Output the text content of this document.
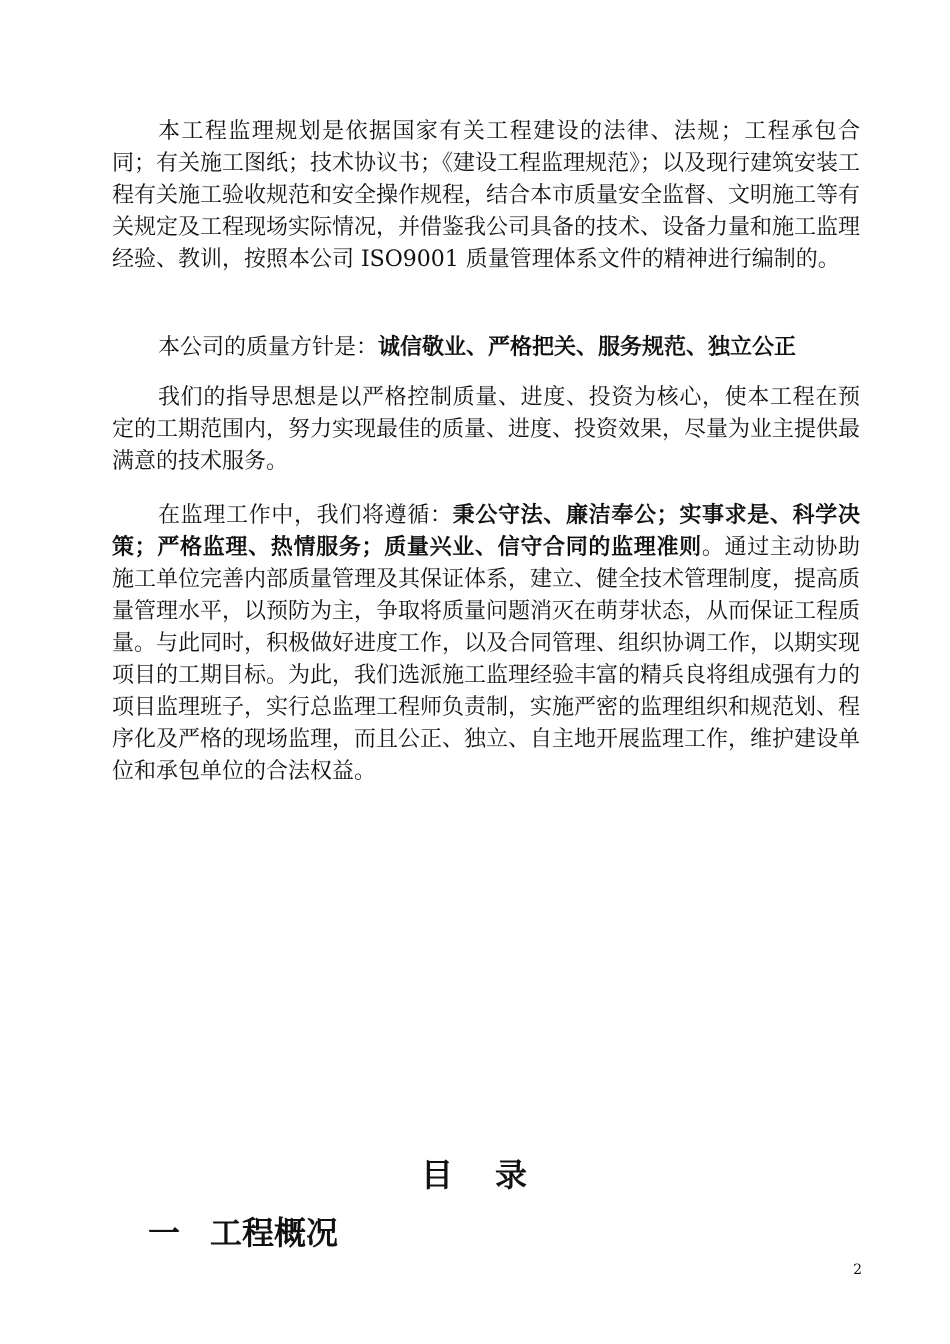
本工程监理规划是依据国家有关工程建设的法律、法规；工程承包合同；有关施工图纸；技术协议书；《建设工程监理规范》；以及现行建筑安装工程有关施工验收规范和安全操作规程，结合本市质量安全监督、文明施工等有关规定及工程现场实际情况，并借鉴我公司具备的技术、设备力量和施工监理经验、教训，按照本公司 ISO9001 质量管理体系文件的精神进行编制的。

本公司的质量方针是：诚信敬业、严格把关、服务规范、独立公正

我们的指导思想是以严格控制质量、进度、投资为核心，使本工程在预定的工期范围内，努力实现最佳的质量、进度、投资效果，尽量为业主提供最满意的技术服务。

在监理工作中，我们将遵循：秉公守法、廉洁奉公；实事求是、科学决策；严格监理、热情服务；质量兴业、信守合同的监理准则。通过主动协助施工单位完善内部质量管理及其保证体系，建立、健全技术管理制度，提高质量管理水平，以预防为主，争取将质量问题消灭在萌芽状态，从而保证工程质量。与此同时，积极做好进度工作，以及合同管理、组织协调工作，以期实现项目的工期目标。为此，我们选派施工监理经验丰富的精兵良将组成强有力的项目监理班子，实行总监理工程师负责制，实施严密的监理组织和规范划、程序化及严格的现场监理，而且公正、独立、自主地开展监理工作，维护建设单位和承包单位的合法权益。

目 录
一 工程概况
2
